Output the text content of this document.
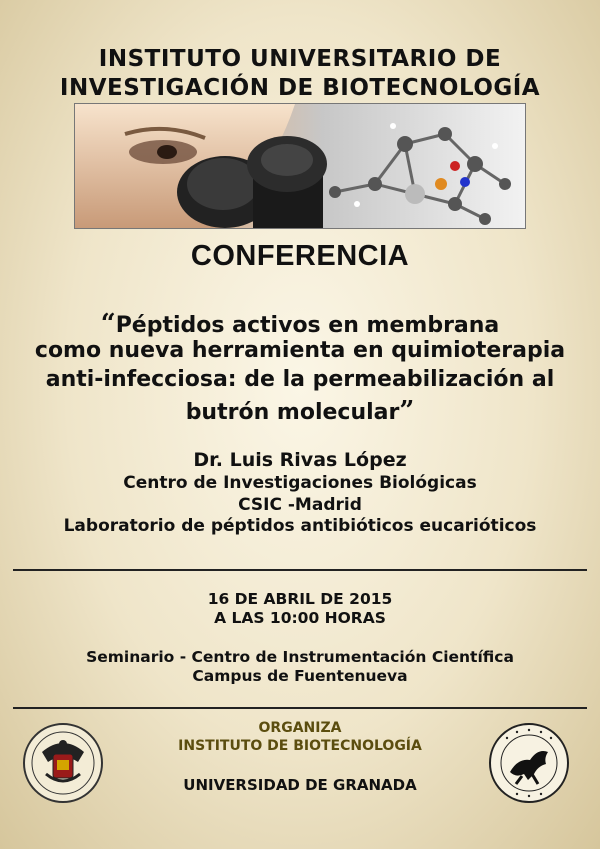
INSTITUTO UNIVERSITARIO DE
INVESTIGACIÓN DE BIOTECNOLOGÍA
CONFERENCIA
“Péptidos activos en membrana
como nueva herramienta en quimioterapia
anti-infecciosa: de la permeabilización al
butrón molecular”
Dr. Luis Rivas López
Centro de Investigaciones Biológicas
CSIC -Madrid
Laboratorio de péptidos antibióticos eucarióticos
16 DE ABRIL DE 2015
A LAS 10:00 HORAS
Seminario - Centro de Instrumentación Científica
Campus de Fuentenueva
ORGANIZA
INSTITUTO DE BIOTECNOLOGÍA
UNIVERSIDAD DE GRANADA
